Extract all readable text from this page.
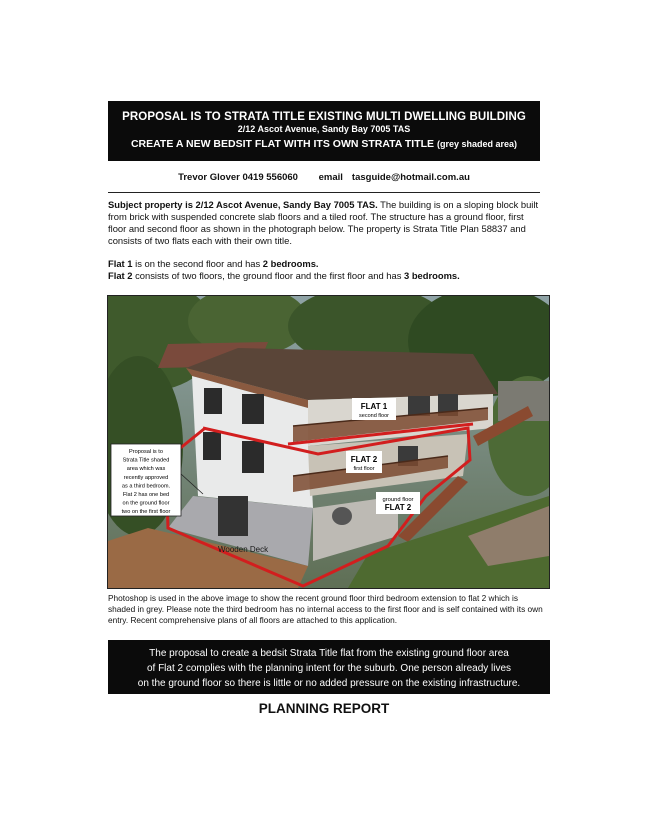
PROPOSAL IS TO STRATA TITLE EXISTING MULTI DWELLING BUILDING
2/12 Ascot Avenue, Sandy Bay 7005 TAS
CREATE A NEW BEDSIT FLAT WITH ITS OWN STRATA TITLE (grey shaded area)
Trevor Glover 0419 556060 email tasguide@hotmail.com.au
Subject property is 2/12 Ascot Avenue, Sandy Bay 7005 TAS. The building is on a sloping block built from brick with suspended concrete slab floors and a tiled roof. The structure has a ground floor, first floor and second floor as shown in the photograph below. The property is Strata Title Plan 58837 and consists of two flats each with their own title.
Flat 1 is on the second floor and has 2 bedrooms.
Flat 2 consists of two floors, the ground floor and the first floor and has 3 bedrooms.
FLAT 1
second floor
FLAT 2
first floor
ground floor
FLAT 2
Proposal is to
Strata Title shaded
area which was
recently approved
as a third bedroom.
Flat 2 has one bed
on the ground floor
two on the first floor
Wooden Deck
Photoshop is used in the above image to show the recent ground floor third bedroom extension to flat 2 which is shaded in grey. Please note the third bedroom has no internal access to the first floor and is self contained with its own entry. Recent comprehensive plans of all floors are attached to this application.
The proposal to create a bedsit Strata Title flat from the existing ground floor area
of Flat 2 complies with the planning intent for the suburb. One person already lives
on the ground floor so there is little or no added pressure on the existing infrastructure.
PLANNING REPORT
